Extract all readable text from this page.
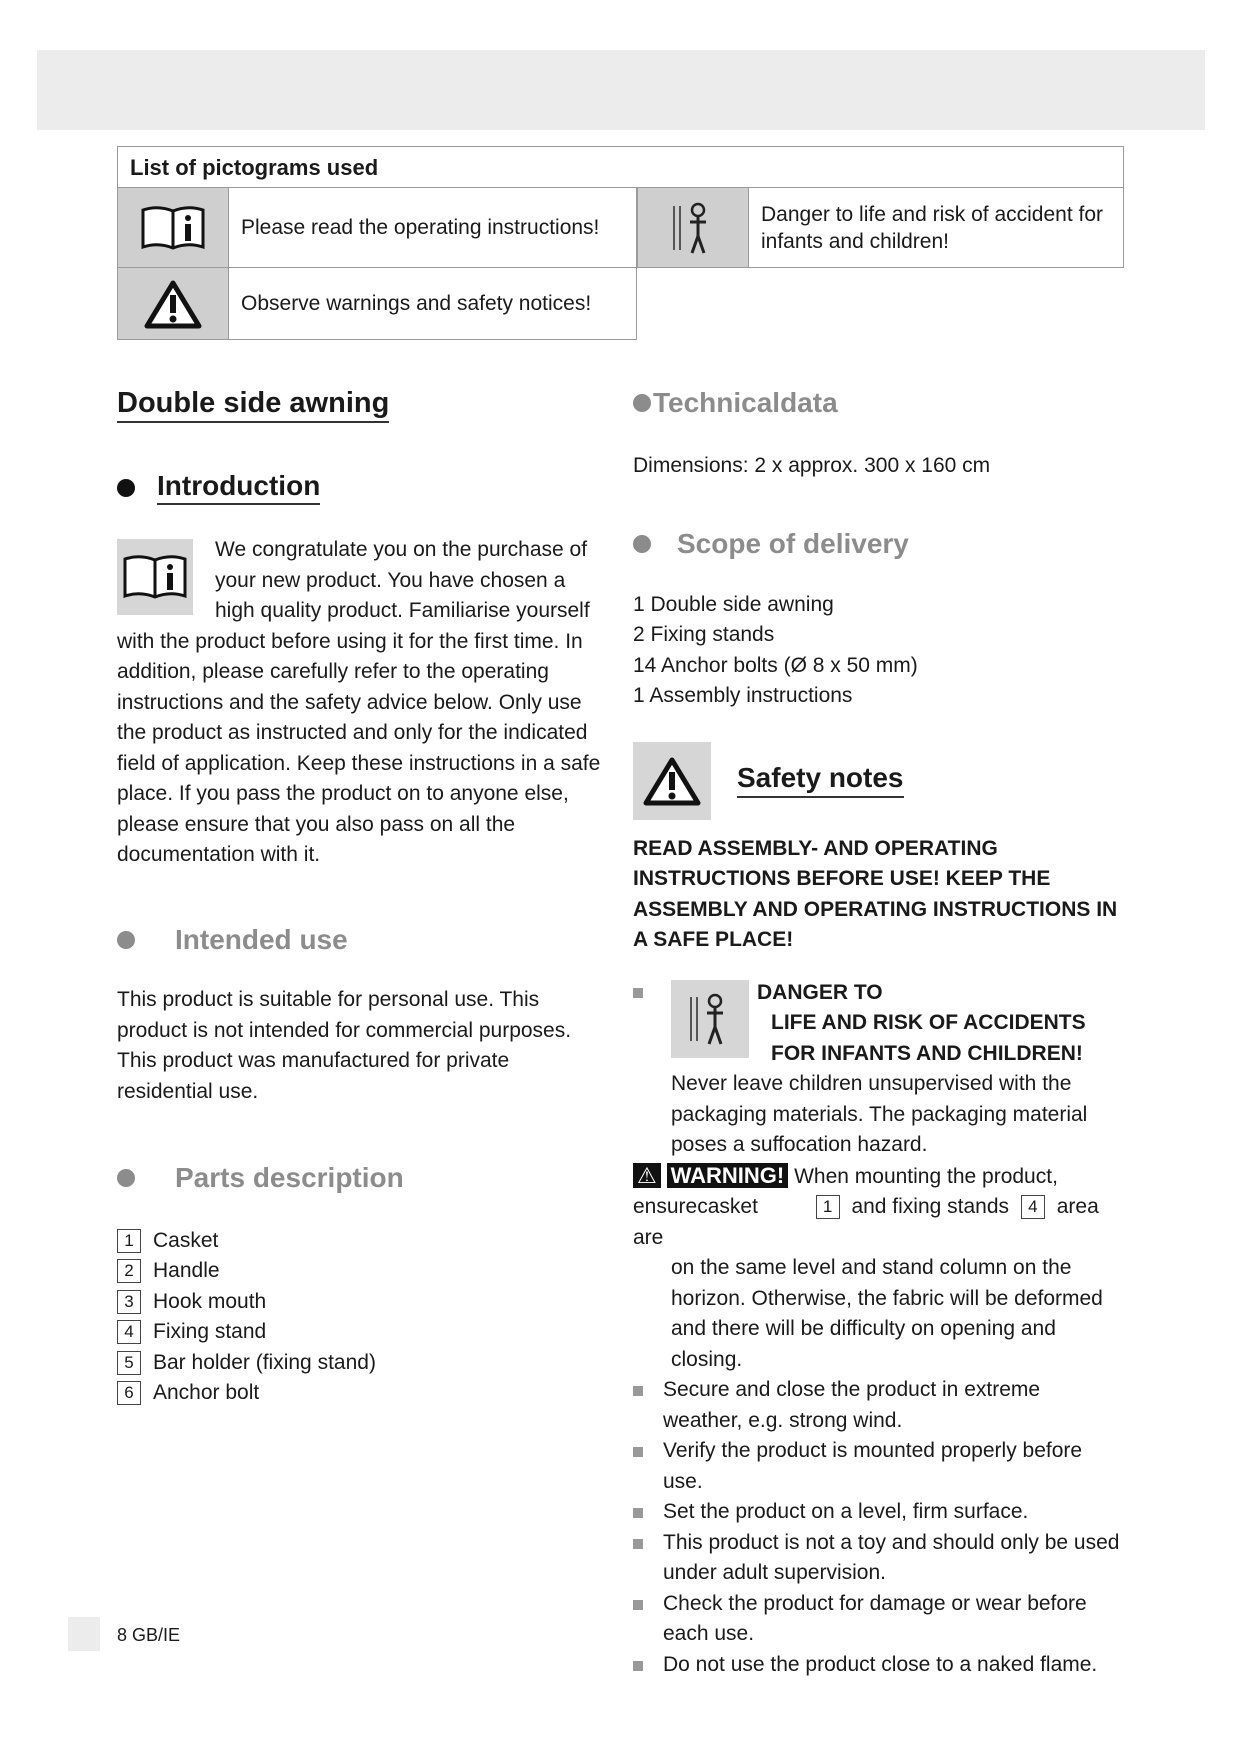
List of pictograms used
Please read the operating instructions!
Danger to life and risk of accident for infants and children!
Observe warnings and safety notices!
Double side awning
Introduction
We congratulate you on the purchase of your new product. You have chosen a high quality product. Familiarise yourself with the product before using it for the first time. In addition, please carefully refer to the operating instructions and the safety advice below. Only use the product as instructed and only for the indicated field of application. Keep these instructions in a safe place. If you pass the product on to anyone else, please ensure that you also pass on all the documentation with it.
Intended use
This product is suitable for personal use. This product is not intended for commercial purposes. This product was manufactured for private residential use.
Parts description
1 Casket
2 Handle
3 Hook mouth
4 Fixing stand
5 Bar holder (fixing stand)
6 Anchor bolt
Technicaldata
Dimensions: 2 x approx. 300 x 160 cm
Scope of delivery
1 Double side awning
2 Fixing stands
14 Anchor bolts (Ø 8 x 50 mm)
1 Assembly instructions
Safety notes
READ ASSEMBLY- AND OPERATING INSTRUCTIONS BEFORE USE! KEEP THE ASSEMBLY AND OPERATING INSTRUCTIONS IN A SAFE PLACE!
DANGER TO
LIFE AND RISK OF ACCIDENTS FOR INFANTS AND CHILDREN!
Never leave children unsupervised with the packaging materials. The packaging material poses a suffocation hazard.
⚠ WARNING! When mounting the product,
ensurecasket	1 and fixing stands 4 area are
on the same level and stand column on the horizon. Otherwise, the fabric will be deformed and there will be difficulty on opening and closing.
Secure and close the product in extreme weather, e.g. strong wind.
Verify the product is mounted properly before use.
Set the product on a level, firm surface.
This product is not a toy and should only be used under adult supervision.
Check the product for damage or wear before each use.
Do not use the product close to a naked flame.
8 GB/IE
